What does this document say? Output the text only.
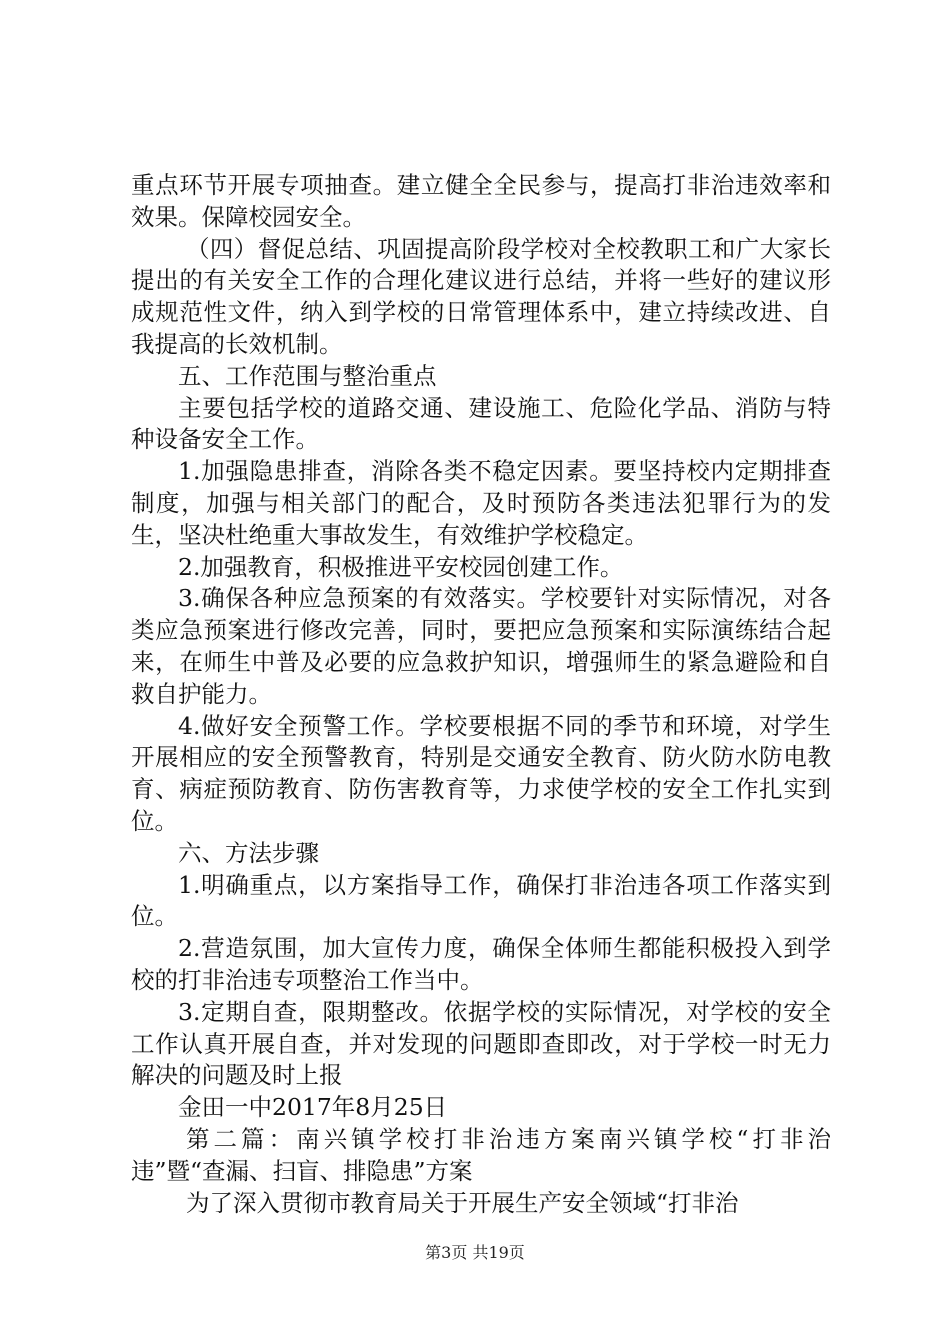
重点环节开展专项抽查。建立健全全民参与，提高打非治违效率和效果。保障校园安全。

（四）督促总结、巩固提高阶段学校对全校教职工和广大家长提出的有关安全工作的合理化建议进行总结，并将一些好的建议形成规范性文件，纳入到学校的日常管理体系中，建立持续改进、自我提高的长效机制。

五、工作范围与整治重点

主要包括学校的道路交通、建设施工、危险化学品、消防与特种设备安全工作。

1.加强隐患排查，消除各类不稳定因素。要坚持校内定期排查制度，加强与相关部门的配合，及时预防各类违法犯罪行为的发生，坚决杜绝重大事故发生，有效维护学校稳定。

2.加强教育，积极推进平安校园创建工作。

3.确保各种应急预案的有效落实。学校要针对实际情况，对各类应急预案进行修改完善，同时，要把应急预案和实际演练结合起来，在师生中普及必要的应急救护知识，增强师生的紧急避险和自救自护能力。

4.做好安全预警工作。学校要根据不同的季节和环境，对学生开展相应的安全预警教育，特别是交通安全教育、防火防水防电教育、病症预防教育、防伤害教育等，力求使学校的安全工作扎实到位。

六、方法步骤

1.明确重点，以方案指导工作，确保打非治违各项工作落实到位。

2.营造氛围，加大宣传力度，确保全体师生都能积极投入到学校的打非治违专项整治工作当中。

3.定期自查，限期整改。依据学校的实际情况，对学校的安全工作认真开展自查，并对发现的问题即查即改，对于学校一时无力解决的问题及时上报

金田一中2017年8月25日

第二篇：南兴镇学校打非治违方案南兴镇学校“打非治违”暨“查漏、扫盲、排隐患”方案

为了深入贯彻市教育局关于开展生产安全领域“打非治

第3页 共19页
